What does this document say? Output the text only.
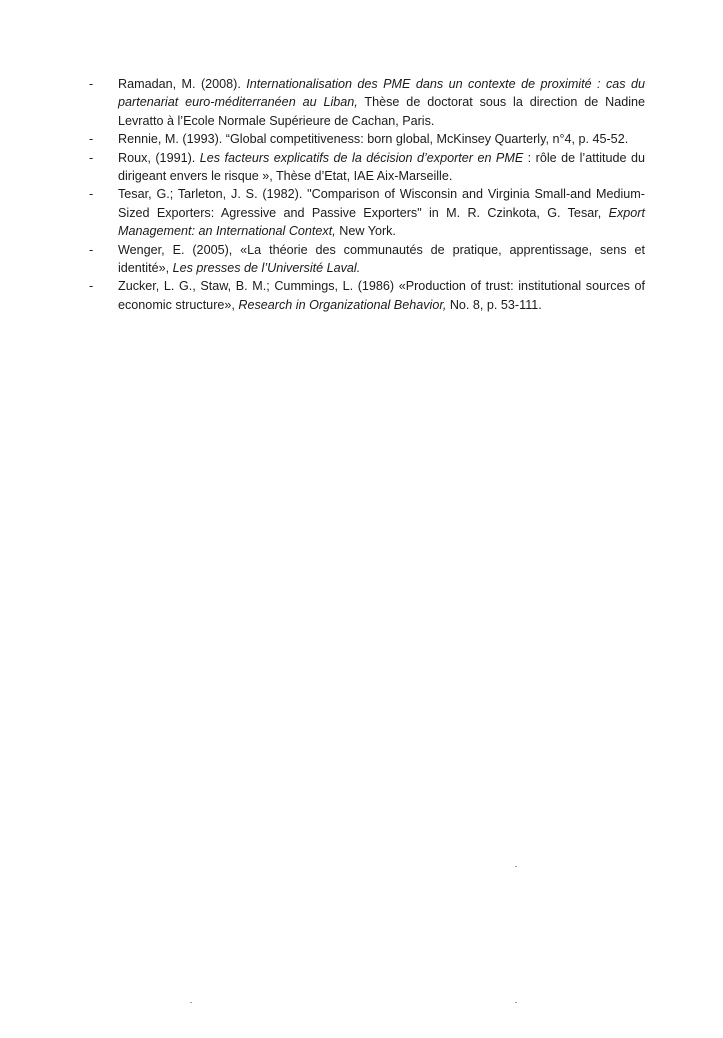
-	Ramadan, M. (2008). Internationalisation des PME dans un contexte de proximité : cas du partenariat euro-méditerranéen au Liban, Thèse de doctorat sous la direction de Nadine Levratto à l’Ecole Normale Supérieure de Cachan, Paris.
-	Rennie, M. (1993). “Global competitiveness: born global, McKinsey Quarterly, n°4, p. 45-52.
-	Roux, (1991). Les facteurs explicatifs de la décision d’exporter en PME : rôle de l’attitude du dirigeant envers le risque », Thèse d’Etat, IAE Aix-Marseille.
-	Tesar, G.; Tarleton, J. S. (1982). "Comparison of Wisconsin and Virginia Small-and Medium-Sized Exporters: Agressive and Passive Exporters" in M. R. Czinkota, G. Tesar, Export Management: an International Context, New York.
-	Wenger, E. (2005), «La théorie des communautés de pratique, apprentissage, sens et identité», Les presses de l’Université Laval.
-	Zucker, L. G., Staw, B. M.; Cummings, L. (1986) «Production of trust: institutional sources of economic structure», Research in Organizational Behavior, No. 8, p. 53-111.
